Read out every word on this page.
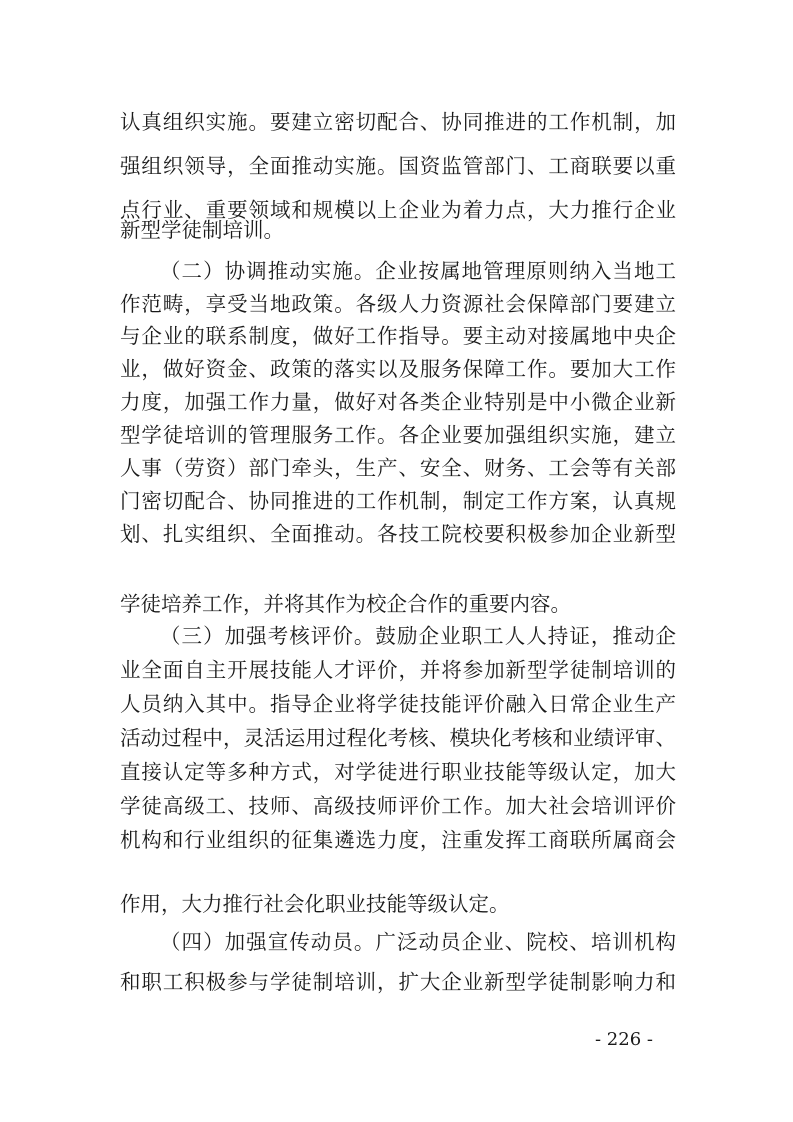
认真组织实施。要建立密切配合、协同推进的工作机制，加
强组织领导，全面推动实施。国资监管部门、工商联要以重
点行业、重要领域和规模以上企业为着力点，大力推行企业
新型学徒制培训。
（二）协调推动实施。企业按属地管理原则纳入当地工
作范畴，享受当地政策。各级人力资源社会保障部门要建立
与企业的联系制度，做好工作指导。要主动对接属地中央企
业，做好资金、政策的落实以及服务保障工作。要加大工作
力度，加强工作力量，做好对各类企业特别是中小微企业新
型学徒培训的管理服务工作。各企业要加强组织实施，建立
人事（劳资）部门牵头，生产、安全、财务、工会等有关部
门密切配合、协同推进的工作机制，制定工作方案，认真规
划、扎实组织、全面推动。各技工院校要积极参加企业新型
学徒培养工作，并将其作为校企合作的重要内容。
（三）加强考核评价。鼓励企业职工人人持证，推动企
业全面自主开展技能人才评价，并将参加新型学徒制培训的
人员纳入其中。指导企业将学徒技能评价融入日常企业生产
活动过程中，灵活运用过程化考核、模块化考核和业绩评审、
直接认定等多种方式，对学徒进行职业技能等级认定，加大
学徒高级工、技师、高级技师评价工作。加大社会培训评价
机构和行业组织的征集遴选力度，注重发挥工商联所属商会
作用，大力推行社会化职业技能等级认定。
（四）加强宣传动员。广泛动员企业、院校、培训机构
和职工积极参与学徒制培训，扩大企业新型学徒制影响力和
- 226 -
